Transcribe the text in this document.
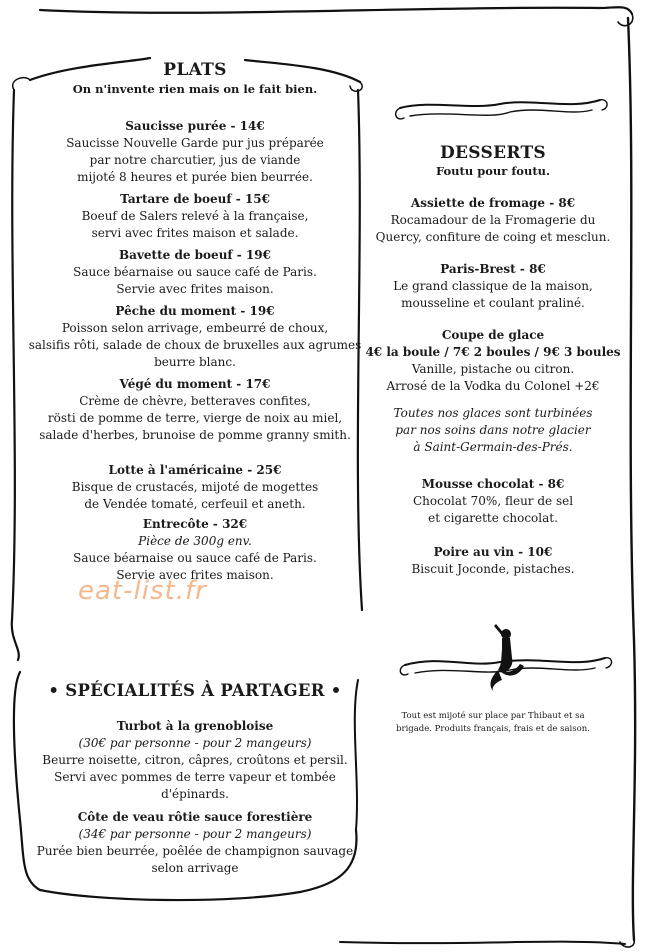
PLATS
On n'invente rien mais on le fait bien.
Saucisse purée - 14€
Saucisse Nouvelle Garde pur jus préparée
par notre charcutier, jus de viande
mijoté 8 heures et purée bien beurrée.
Tartare de boeuf - 15€
Boeuf de Salers relevé à la française,
servi avec frites maison et salade.
Bavette de boeuf - 19€
Sauce béarnaise ou sauce café de Paris.
Servie avec frites maison.
Pêche du moment - 19€
Poisson selon arrivage, embeurré de choux,
salsifis rôti, salade de choux de bruxelles aux agrumes
beurre blanc.
Végé du moment - 17€
Crème de chèvre, betteraves confites,
rösti de pomme de terre, vierge de noix au miel,
salade d'herbes, brunoise de pomme granny smith.
Lotte à l'américaine - 25€
Bisque de crustacés, mijoté de mogettes
de Vendée tomaté, cerfeuil et aneth.
Entrecôte - 32€
Pièce de 300g env.
Sauce béarnaise ou sauce café de Paris.
Servie avec frites maison.
• SPÉCIALITÉS À PARTAGER •
Turbot à la grenobloise
(30€ par personne - pour 2 mangeurs)
Beurre noisette, citron, câpres, croûtons et persil.
Servi avec pommes de terre vapeur et tombée
d'épinards.
Côte de veau rôtie sauce forestière
(34€ par personne - pour 2 mangeurs)
Purée bien beurrée, poêlée de champignon sauvage
selon arrivage
DESSERTS
Foutu pour foutu.
Assiette de fromage - 8€
Rocamadour de la Fromagerie du
Quercy, confiture de coing et mesclun.
Paris-Brest - 8€
Le grand classique de la maison,
mousseline et coulant praliné.
Coupe de glace
4€ la boule / 7€ 2 boules / 9€ 3 boules
Vanille, pistache ou citron.
Arrosé de la Vodka du Colonel +2€
Toutes nos glaces sont turbinées
par nos soins dans notre glacier
à Saint-Germain-des-Prés.
Mousse chocolat - 8€
Chocolat 70%, fleur de sel
et cigarette chocolat.
Poire au vin - 10€
Biscuit Joconde, pistaches.
Tout est mijoté sur place par Thibaut et sa
brigade. Produits français, frais et de saison.
eat-list.fr
